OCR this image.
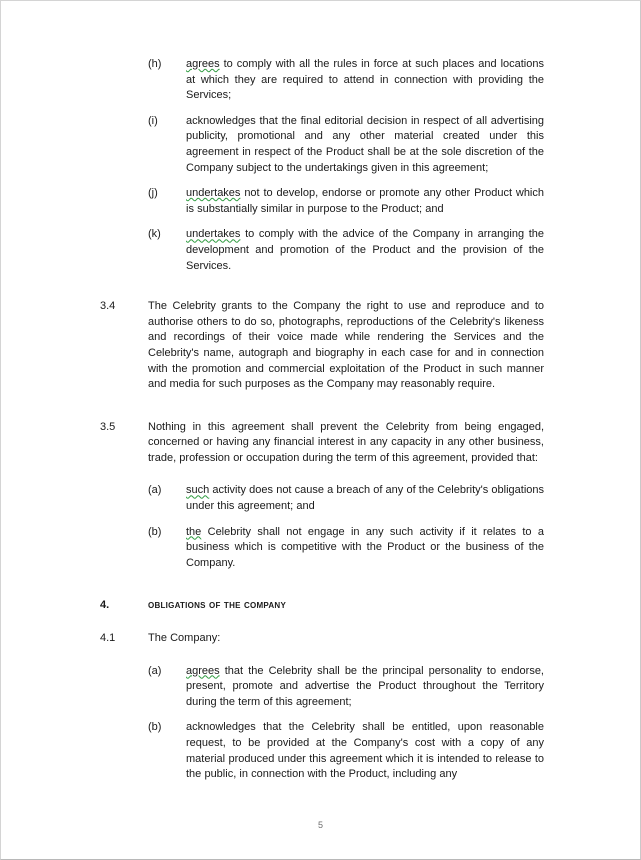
(h)	agrees to comply with all the rules in force at such places and locations at which they are required to attend in connection with providing the Services;
(i)	acknowledges that the final editorial decision in respect of all advertising publicity, promotional and any other material created under this agreement in respect of the Product shall be at the sole discretion of the Company subject to the undertakings given in this agreement;
(j)	undertakes not to develop, endorse or promote any other Product which is substantially similar in purpose to the Product; and
(k)	undertakes to comply with the advice of the Company in arranging the development and promotion of the Product and the provision of the Services.
3.4	The Celebrity grants to the Company the right to use and reproduce and to authorise others to do so, photographs, reproductions of the Celebrity's likeness and recordings of their voice made while rendering the Services and the Celebrity's name, autograph and biography in each case for and in connection with the promotion and commercial exploitation of the Product in such manner and media for such purposes as the Company may reasonably require.
3.5	Nothing in this agreement shall prevent the Celebrity from being engaged, concerned or having any financial interest in any capacity in any other business, trade, profession or occupation during the term of this agreement, provided that:
(a)	such activity does not cause a breach of any of the Celebrity's obligations under this agreement; and
(b)	the Celebrity shall not engage in any such activity if it relates to a business which is competitive with the Product or the business of the Company.
4.	obligations of the company
4.1	The Company:
(a)	agrees that the Celebrity shall be the principal personality to endorse, present, promote and advertise the Product throughout the Territory during the term of this agreement;
(b)	acknowledges that the Celebrity shall be entitled, upon reasonable request, to be provided at the Company's cost with a copy of any material produced under this agreement which it is intended to release to the public, in connection with the Product, including any
5
